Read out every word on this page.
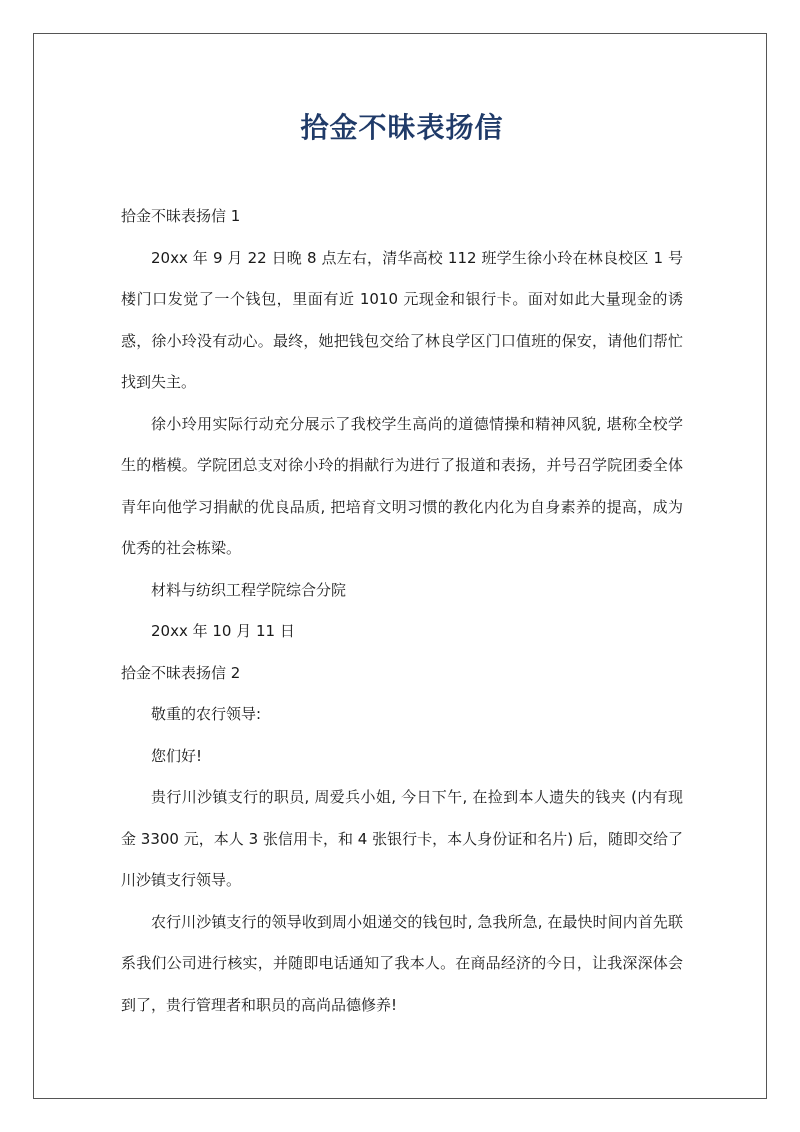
拾金不昧表扬信

拾金不昧表扬信 1

20xx 年 9 月 22 日晚 8 点左右，清华高校 112 班学生徐小玲在林良校区 1 号楼门口发觉了一个钱包，里面有近 1010 元现金和银行卡。面对如此大量现金的诱惑，徐小玲没有动心。最终，她把钱包交给了林良学区门口值班的保安，请他们帮忙找到失主。

徐小玲用实际行动充分展示了我校学生高尚的道德情操和精神风貌, 堪称全校学生的楷模。学院团总支对徐小玲的捐献行为进行了报道和表扬，并号召学院团委全体青年向他学习捐献的优良品质, 把培育文明习惯的教化内化为自身素养的提高，成为优秀的社会栋梁。

材料与纺织工程学院综合分院

20xx 年 10 月 11 日

拾金不昧表扬信 2

敬重的农行领导:

您们好!

贵行川沙镇支行的职员, 周爱兵小姐, 今日下午, 在捡到本人遗失的钱夹 (内有现金 3300 元，本人 3 张信用卡，和 4 张银行卡，本人身份证和名片) 后，随即交给了川沙镇支行领导。

农行川沙镇支行的领导收到周小姐递交的钱包时, 急我所急, 在最快时间内首先联系我们公司进行核实，并随即电话通知了我本人。在商品经济的今日，让我深深体会到了，贵行管理者和职员的高尚品德修养!
